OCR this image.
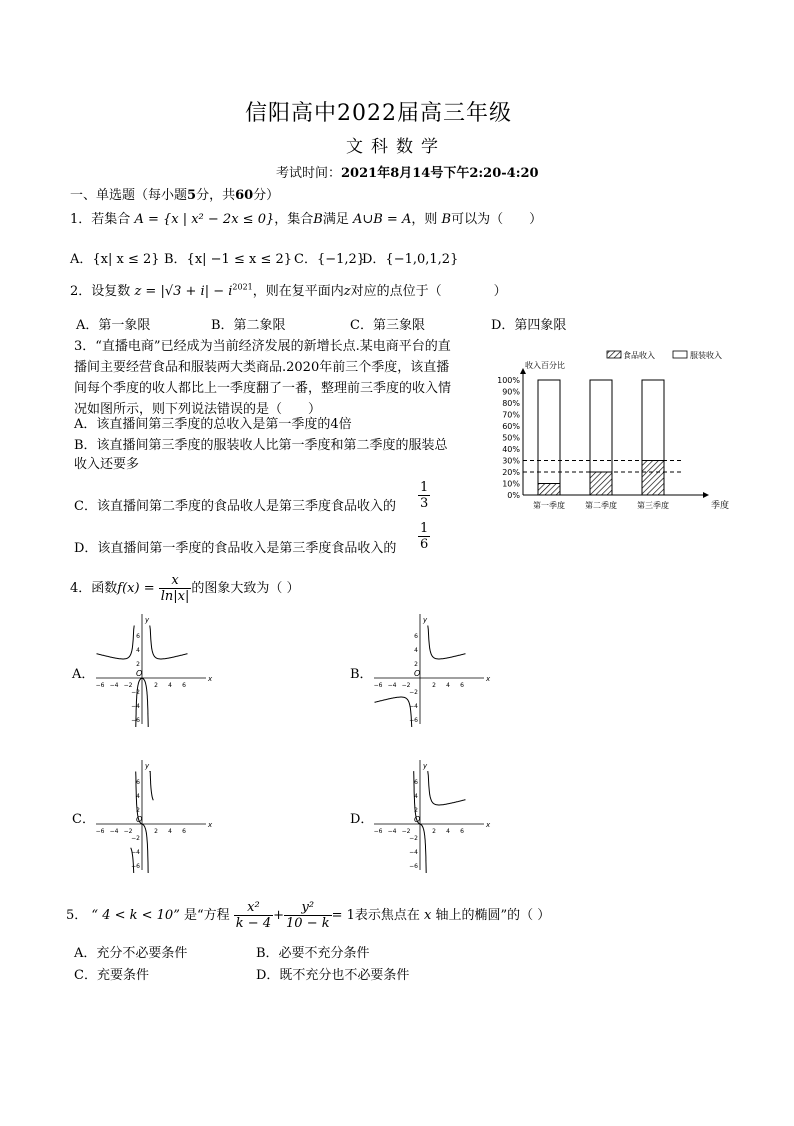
信阳高中2022届高三年级
文科数学
考试时间：2021年8月14号下午2:20-4:20
一、单选题（每小题5分，共60分）
1．若集合 A = {x | x² − 2x ≤ 0}，集合B满足 A∪B = A，则 B可以为（　　）
A．{x| x ≤ 2} B．{x| −1 ≤ x ≤ 2} C．{−1,2}
D．{−1,0,1,2}
2．设复数 $z = |√3 + i| - i^{2021}$，则在复平面内z对应的点位于（　　　　）
A．第一象限	B．第二象限	C．第三象限	D．第四象限
3．“直播电商”已经成为当前经济发展的新增长点.某电商平台的直
播间主要经营食品和服装两大类商品.2020年前三个季度，该直播
间每个季度的收人都比上一季度翻了一番，整理前三季度的收入情
况如图所示，则下列说法错误的是（　　）
A．该直播间第三季度的总收入是第一季度的4倍
B．该直播间第三季度的服装收人比第一季度和第二季度的服装总
收入还要多
C．该直播间第二季度的食品收人是第三季度食品收入的 $\frac{1}{3}$
D．该直播间第一季度的食品收入是第三季度食品收入的 $\frac{1}{6}$
0%
10%
20%
30%
40%
50%
60%
70%
80%
90%
100%
收入百分比
季度
第一季度	第二季度	第三季度
食品收入	服装收入
4．函数$f(x) = \frac{x}{\ln|x|}$ 的图象大致为（ ）
A．	B．
C．	D．
x
y
O
−6 −4 −2	2 4 6
6
4
2
−2
−4
−6
x
y
O
−6 −4 −2	2 4 6
6
4
2
−2
−4
−6
x
y
O
−6 −4 −2	2 4 6
6
4
2
−2
−4
−6
x
y
O
−6 −4 −2	2 4 6
6
4
2
−2
−4
−6
5． “ 4 < k < 10” 是“方程 $\frac{\text{x²}}{k - 4} + \frac{\text{y²}}{10 - k} = 1$表示焦点在 x 轴上的椭圆”的（ ）
A．充分不必要条件	B．必要不充分条件
C．充要条件	D．既不充分也不必要条件
